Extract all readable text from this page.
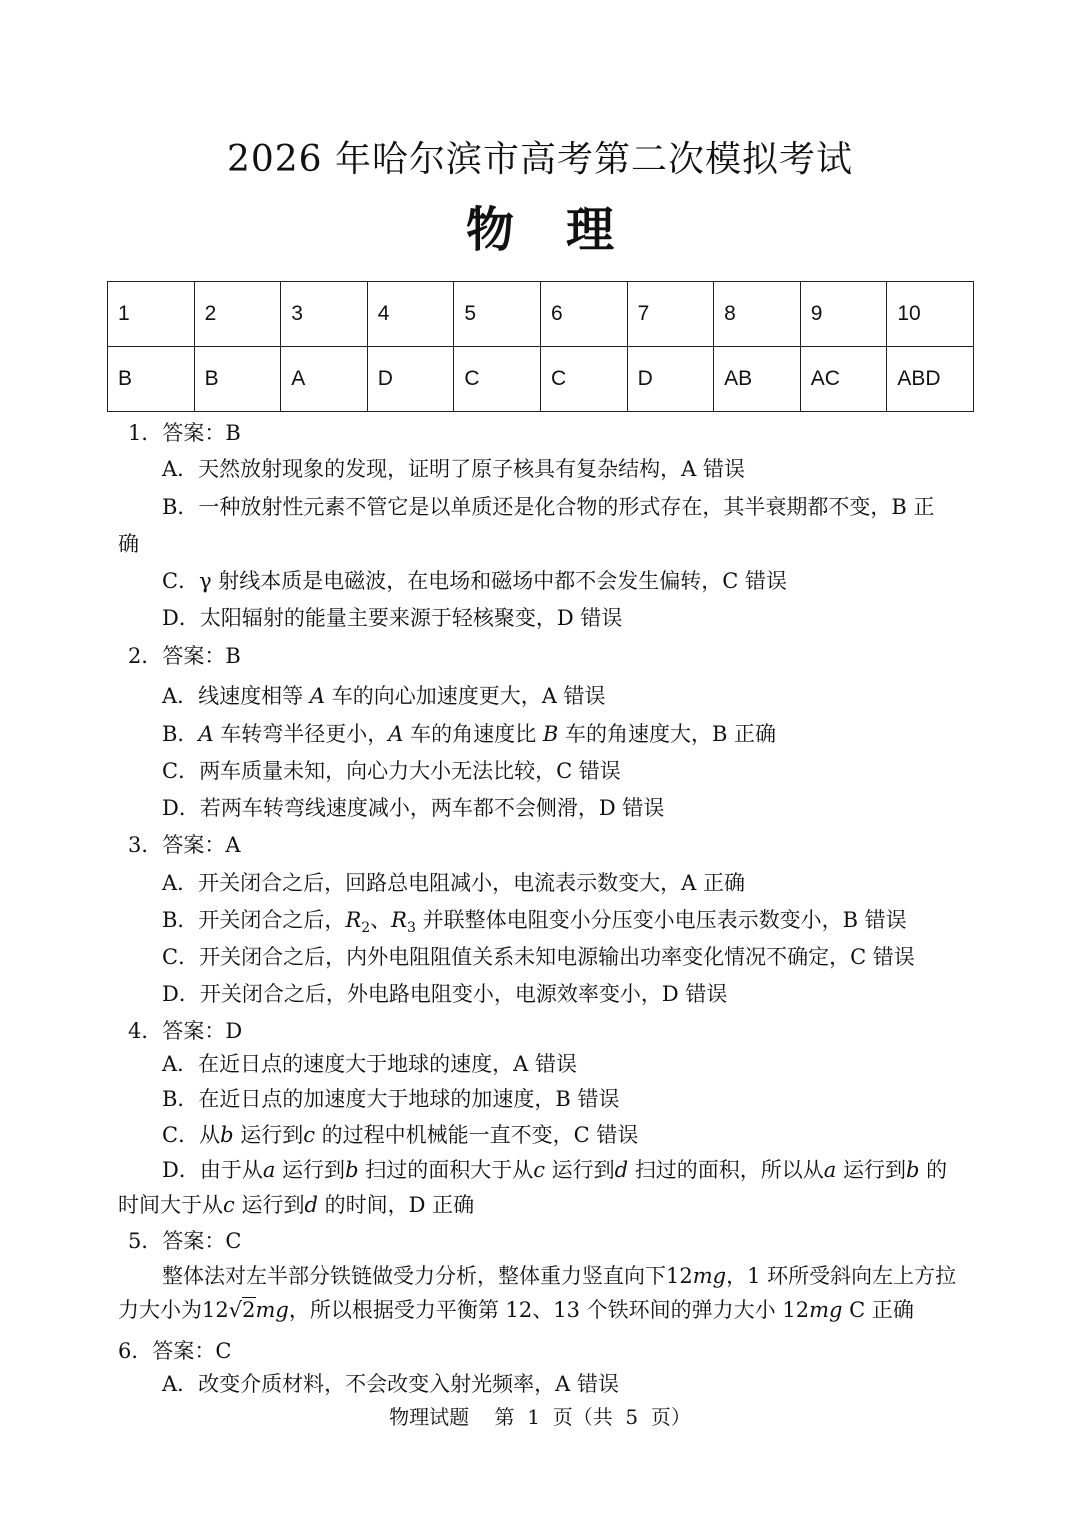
2026 年哈尔滨市高考第二次模拟考试
物 理
1	2	3	4	5	6	7	8	9	10
B	B	A	D	C	C	D	AB	AC	ABD
1．答案：B
A．天然放射现象的发现，证明了原子核具有复杂结构，A 错误
B．一种放射性元素不管它是以单质还是化合物的形式存在，其半衰期都不变，B 正
确
C．γ 射线本质是电磁波，在电场和磁场中都不会发生偏转，C 错误
D．太阳辐射的能量主要来源于轻核聚变，D 错误
2．答案：B
A．线速度相等 A 车的向心加速度更大，A 错误
B．A 车转弯半径更小，A 车的角速度比 B 车的角速度大，B 正确
C．两车质量未知，向心力大小无法比较，C 错误
D．若两车转弯线速度减小，两车都不会侧滑，D 错误
3．答案：A
A．开关闭合之后，回路总电阻减小，电流表示数变大，A 正确
B．开关闭合之后，$R_2$、$R_3$ 并联整体电阻变小分压变小电压表示数变小，B 错误
C．开关闭合之后，内外电阻阻值关系未知电源输出功率变化情况不确定，C 错误
D．开关闭合之后，外电路电阻变小，电源效率变小，D 错误
4．答案：D
A．在近日点的速度大于地球的速度，A 错误
B．在近日点的加速度大于地球的加速度，B 错误
C．从b 运行到c 的过程中机械能一直不变，C 错误
D．由于从a 运行到b 扫过的面积大于从c 运行到d 扫过的面积，所以从a 运行到b 的
时间大于从c 运行到d 的时间，D 正确
5．答案：C
整体法对左半部分铁链做受力分析，整体重力竖直向下12mg，1 环所受斜向左上方拉
力大小为12√2mg，所以根据受力平衡第 12、13 个铁环间的弹力大小 12mg C 正确
6．答案：C
A．改变介质材料，不会改变入射光频率，A 错误
物理试题    第  1  页（共  5  页）
